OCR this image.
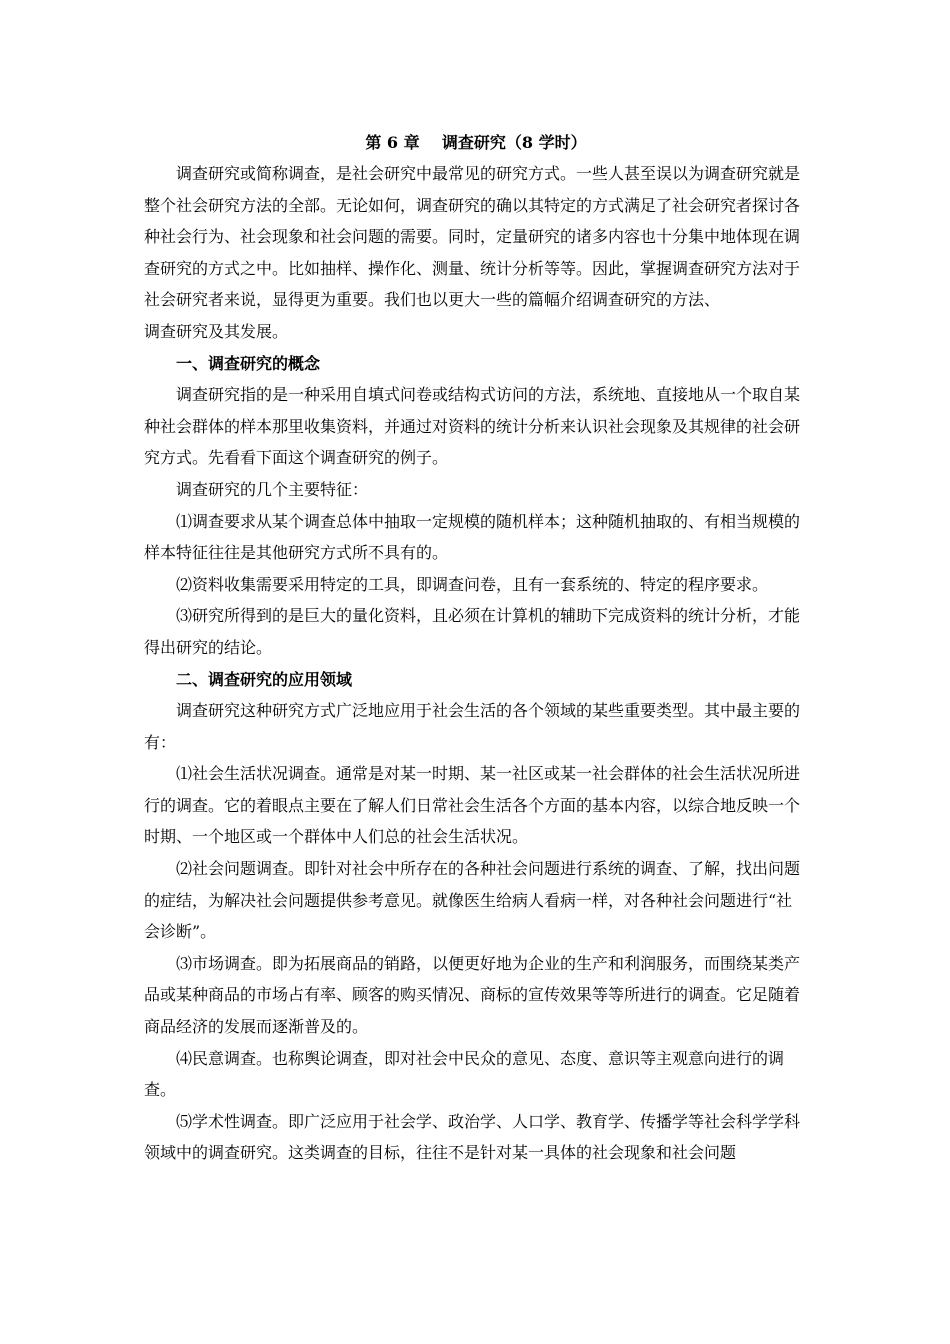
第 6 章    调查研究（8 学时）

调查研究或简称调查，是社会研究中最常见的研究方式。一些人甚至误以为调查研究就是整个社会研究方法的全部。无论如何，调查研究的确以其特定的方式满足了社会研究者探讨各种社会行为、社会现象和社会问题的需要。同时，定量研究的诸多内容也十分集中地体现在调查研究的方式之中。比如抽样、操作化、测量、统计分析等等。因此，掌握调查研究方法对于社会研究者来说，显得更为重要。我们也以更大一些的篇幅介绍调查研究的方法、

调查研究及其发展。

一、调查研究的概念

调查研究指的是一种采用自填式问卷或结构式访问的方法，系统地、直接地从一个取自某种社会群体的样本那里收集资料，并通过对资料的统计分析来认识社会现象及其规律的社会研究方式。先看看下面这个调查研究的例子。

调查研究的几个主要特征：

⑴调查要求从某个调查总体中抽取一定规模的随机样本；这种随机抽取的、有相当规模的样本特征往往是其他研究方式所不具有的。

⑵资料收集需要采用特定的工具，即调查问卷，且有一套系统的、特定的程序要求。

⑶研究所得到的是巨大的量化资料，且必须在计算机的辅助下完成资料的统计分析，才能得出研究的结论。

二、调查研究的应用领域

调查研究这种研究方式广泛地应用于社会生活的各个领域的某些重要类型。其中最主要的有：

⑴社会生活状况调查。通常是对某一时期、某一社区或某一社会群体的社会生活状况所进行的调查。它的着眼点主要在了解人们日常社会生活各个方面的基本内容，以综合地反映一个时期、一个地区或一个群体中人们总的社会生活状况。

⑵社会问题调查。即针对社会中所存在的各种社会问题进行系统的调查、了解，找出问题的症结，为解决社会问题提供参考意见。就像医生给病人看病一样，对各种社会问题进行“社会诊断”。

⑶市场调查。即为拓展商品的销路，以便更好地为企业的生产和利润服务，而围绕某类产品或某种商品的市场占有率、顾客的购买情况、商标的宣传效果等等所进行的调查。它足随着商品经济的发展而逐渐普及的。

⑷民意调查。也称舆论调查，即对社会中民众的意见、态度、意识等主观意向进行的调查。

⑸学术性调查。即广泛应用于社会学、政治学、人口学、教育学、传播学等社会科学学科领域中的调查研究。这类调查的目标，往往不是针对某一具体的社会现象和社会问题
